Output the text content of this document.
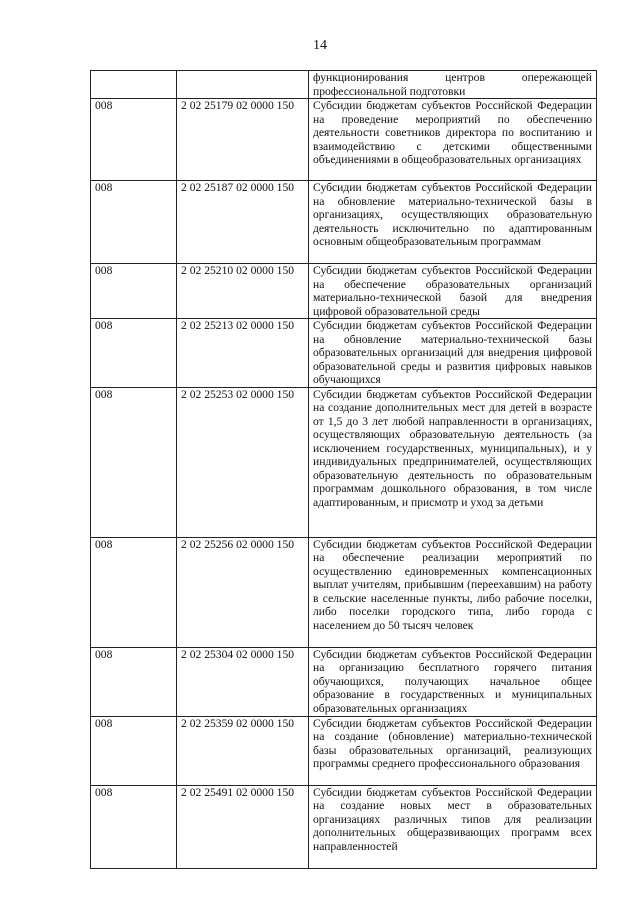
14
		функционирования центров опережающей профессиональной подготовки
008	2 02 25179 02 0000 150	Субсидии бюджетам субъектов Российской Федерации на проведение мероприятий по обеспечению деятельности советников директора по воспитанию и взаимодействию с детскими общественными объединениями в общеобразовательных организациях
008	2 02 25187 02 0000 150	Субсидии бюджетам субъектов Российской Федерации на обновление материально-технической базы в организациях, осуществляющих образовательную деятельность исключительно по адаптированным основным общеобразовательным программам
008	2 02 25210 02 0000 150	Субсидии бюджетам субъектов Российской Федерации на обеспечение образовательных организаций материально-технической базой для внедрения цифровой образовательной среды
008	2 02 25213 02 0000 150	Субсидии бюджетам субъектов Российской Федерации на обновление материально-технической базы образовательных организаций для внедрения цифровой образовательной среды и развития цифровых навыков обучающихся
008	2 02 25253 02 0000 150	Субсидии бюджетам субъектов Российской Федерации на создание дополнительных мест для детей в возрасте от 1,5 до 3 лет любой направленности в организациях, осуществляющих образовательную деятельность (за исключением государственных, муниципальных), и у индивидуальных предпринимателей, осуществляющих образовательную деятельность по образовательным программам дошкольного образования, в том числе адаптированным, и присмотр и уход за детьми
008	2 02 25256 02 0000 150	Субсидии бюджетам субъектов Российской Федерации на обеспечение реализации мероприятий по осуществлению единовременных компенсационных выплат учителям, прибывшим (переехавшим) на работу в сельские населенные пункты, либо рабочие поселки, либо поселки городского типа, либо города с населением до 50 тысяч человек
008	2 02 25304 02 0000 150	Субсидии бюджетам субъектов Российской Федерации на организацию бесплатного горячего питания обучающихся, получающих начальное общее образование в государственных и муниципальных образовательных организациях
008	2 02 25359 02 0000 150	Субсидии бюджетам субъектов Российской Федерации на создание (обновление) материально-технической базы образовательных организаций, реализующих программы среднего профессионального образования
008	2 02 25491 02 0000 150	Субсидии бюджетам субъектов Российской Федерации на создание новых мест в образовательных организациях различных типов для реализации дополнительных общеразвивающих программ всех направленностей
